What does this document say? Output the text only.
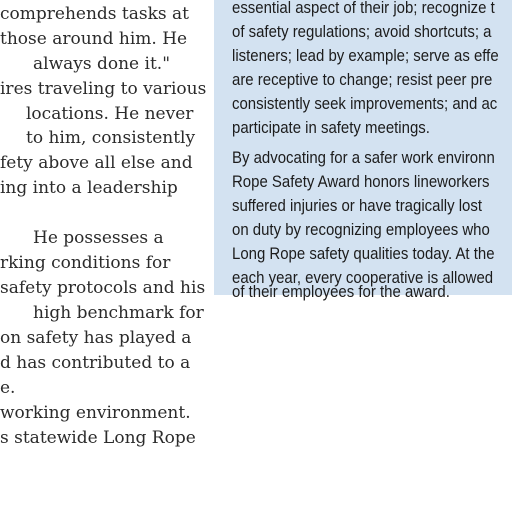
comprehends tasks at
those around him. He
always done it."
ires traveling to various
locations. He never
to him, consistently
fety above all else and
ing into a leadership
He possesses a
rking conditions for
safety protocols and his
high benchmark for
on safety has played a
d has contributed to a
e.
working environment.
s statewide Long Rope
essential aspect of their job; recognize t
of safety regulations; avoid shortcuts; a
listeners; lead by example; serve as effe
are receptive to change; resist peer pre
consistently seek improvements; and ac
participate in safety meetings.
By advocating for a safer work environn
Rope Safety Award honors lineworkers
suffered injuries or have tragically lost
on duty by recognizing employees who
Long Rope safety qualities today. At the
each year, every cooperative is allowed
of their employees for the award.
